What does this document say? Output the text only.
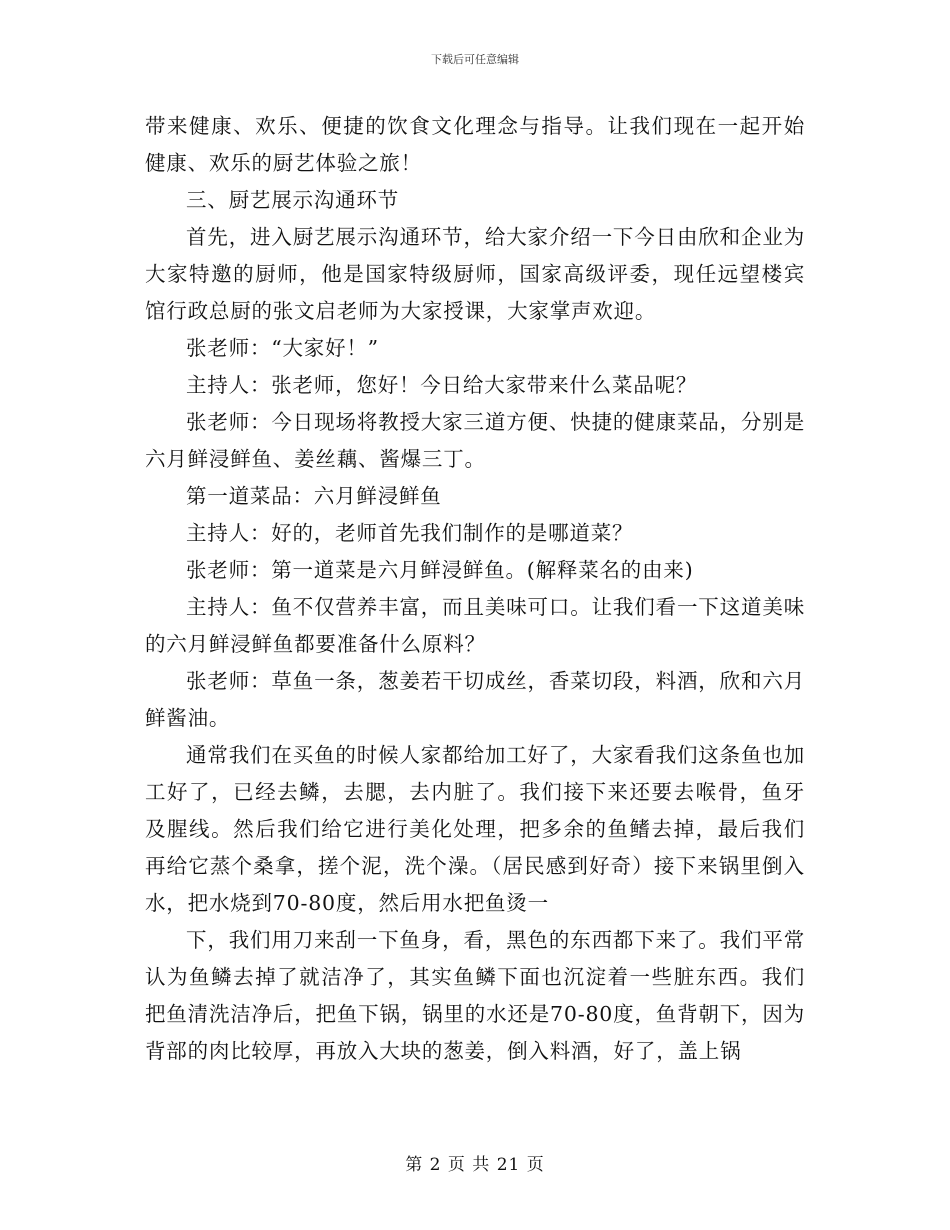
下载后可任意编辑

带来健康、欢乐、便捷的饮食文化理念与指导。让我们现在一起开始健康、欢乐的厨艺体验之旅！

三、厨艺展示沟通环节

首先，进入厨艺展示沟通环节，给大家介绍一下今日由欣和企业为大家特邀的厨师，他是国家特级厨师，国家高级评委，现任远望楼宾馆行政总厨的张文启老师为大家授课，大家掌声欢迎。

张老师：“大家好！”

主持人：张老师，您好！今日给大家带来什么菜品呢？

张老师：今日现场将教授大家三道方便、快捷的健康菜品，分别是六月鲜浸鲜鱼、姜丝藕、酱爆三丁。

第一道菜品：六月鲜浸鲜鱼

主持人：好的，老师首先我们制作的是哪道菜？

张老师：第一道菜是六月鲜浸鲜鱼。(解释菜名的由来)

主持人：鱼不仅营养丰富，而且美味可口。让我们看一下这道美味的六月鲜浸鲜鱼都要准备什么原料？

张老师：草鱼一条，葱姜若干切成丝，香菜切段，料酒，欣和六月鲜酱油。

通常我们在买鱼的时候人家都给加工好了，大家看我们这条鱼也加工好了，已经去鳞，去腮，去内脏了。我们接下来还要去喉骨，鱼牙及腥线。然后我们给它进行美化处理，把多余的鱼鳍去掉，最后我们再给它蒸个桑拿，搓个泥，洗个澡。（居民感到好奇）接下来锅里倒入水，把水烧到70-80度，然后用水把鱼烫一

下，我们用刀来刮一下鱼身，看，黑色的东西都下来了。我们平常认为鱼鳞去掉了就洁净了，其实鱼鳞下面也沉淀着一些脏东西。我们把鱼清洗洁净后，把鱼下锅，锅里的水还是70-80度，鱼背朝下，因为背部的肉比较厚，再放入大块的葱姜，倒入料酒，好了，盖上锅

第 2 页 共 21 页
